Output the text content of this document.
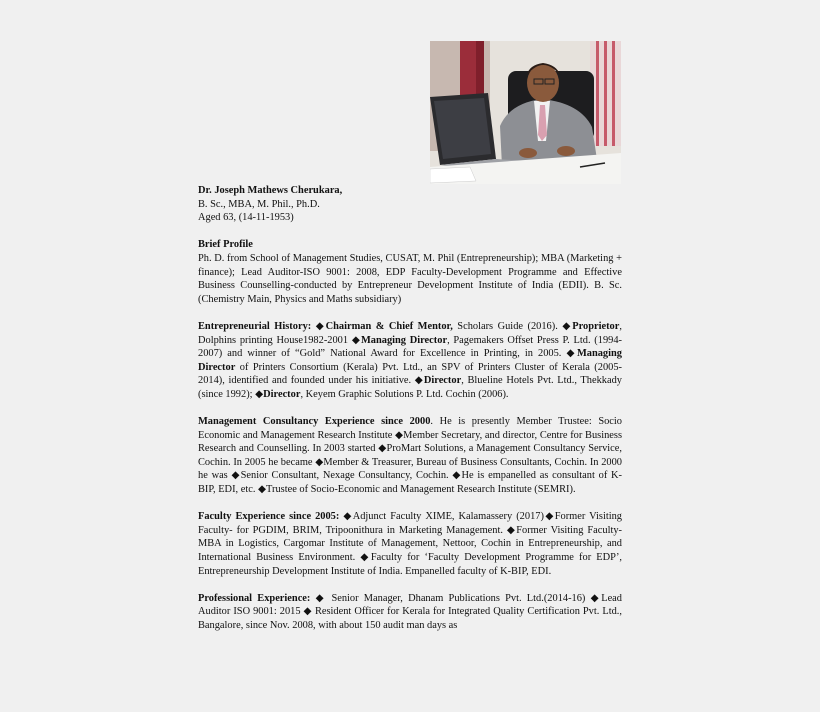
Dr. Joseph Mathews Cherukara,

B. Sc., MBA, M. Phil., Ph.D.

Aged 63, (14-11-1953)

Brief Profile

Ph. D. from School of Management Studies, CUSAT, M. Phil (Entrepreneurship); MBA (Marketing + finance); Lead Auditor-ISO 9001: 2008, EDP Faculty-Development Programme and Effective Business Counselling-conducted by Entrepreneur Development Institute of India (EDII). B. Sc. (Chemistry Main, Physics and Maths subsidiary)

Entrepreneurial History: ◆Chairman & Chief Mentor, Scholars Guide (2016). ◆Proprietor, Dolphins printing House1982-2001 ◆Managing Director, Pagemakers Offset Press P. Ltd. (1994-2007) and winner of “Gold” National Award for Excellence in Printing, in 2005. ◆Managing Director of Printers Consortium (Kerala) Pvt. Ltd., an SPV of Printers Cluster of Kerala (2005-2014), identified and founded under his initiative. ◆Director, Blueline Hotels Pvt. Ltd., Thekkady (since 1992); ◆Director, Keyem Graphic Solutions P. Ltd. Cochin (2006).

Management Consultancy Experience since 2000. He is presently Member Trustee: Socio Economic and Management Research Institute ◆Member Secretary, and director, Centre for Business Research and Counselling. In 2003 started ◆ProMart Solutions, a Management Consultancy Service, Cochin. In 2005 he became ◆Member & Treasurer, Bureau of Business Consultants, Cochin. In 2000 he was ◆Senior Consultant, Nexage Consultancy, Cochin. ◆He is empanelled as consultant of K-BIP, EDI, etc. ◆Trustee of Socio-Economic and Management Research Institute (SEMRI).

Faculty Experience since 2005: ◆Adjunct Faculty XIME, Kalamassery (2017)◆Former Visiting Faculty- for PGDIM, BRIM, Tripoonithura in Marketing Management. ◆Former Visiting Faculty- MBA in Logistics, Cargomar Institute of Management, Nettoor, Cochin in Entrepreneurship, and International Business Environment. ◆Faculty for ‘Faculty Development Programme for EDP’, Entrepreneurship Development Institute of India. Empanelled faculty of K-BIP, EDI.

Professional Experience: ◆ Senior Manager, Dhanam Publications Pvt. Ltd.(2014-16) ◆Lead Auditor ISO 9001: 2015 ◆ Resident Officer for Kerala for Integrated Quality Certification Pvt. Ltd., Bangalore, since Nov. 2008, with about 150 audit man days as
